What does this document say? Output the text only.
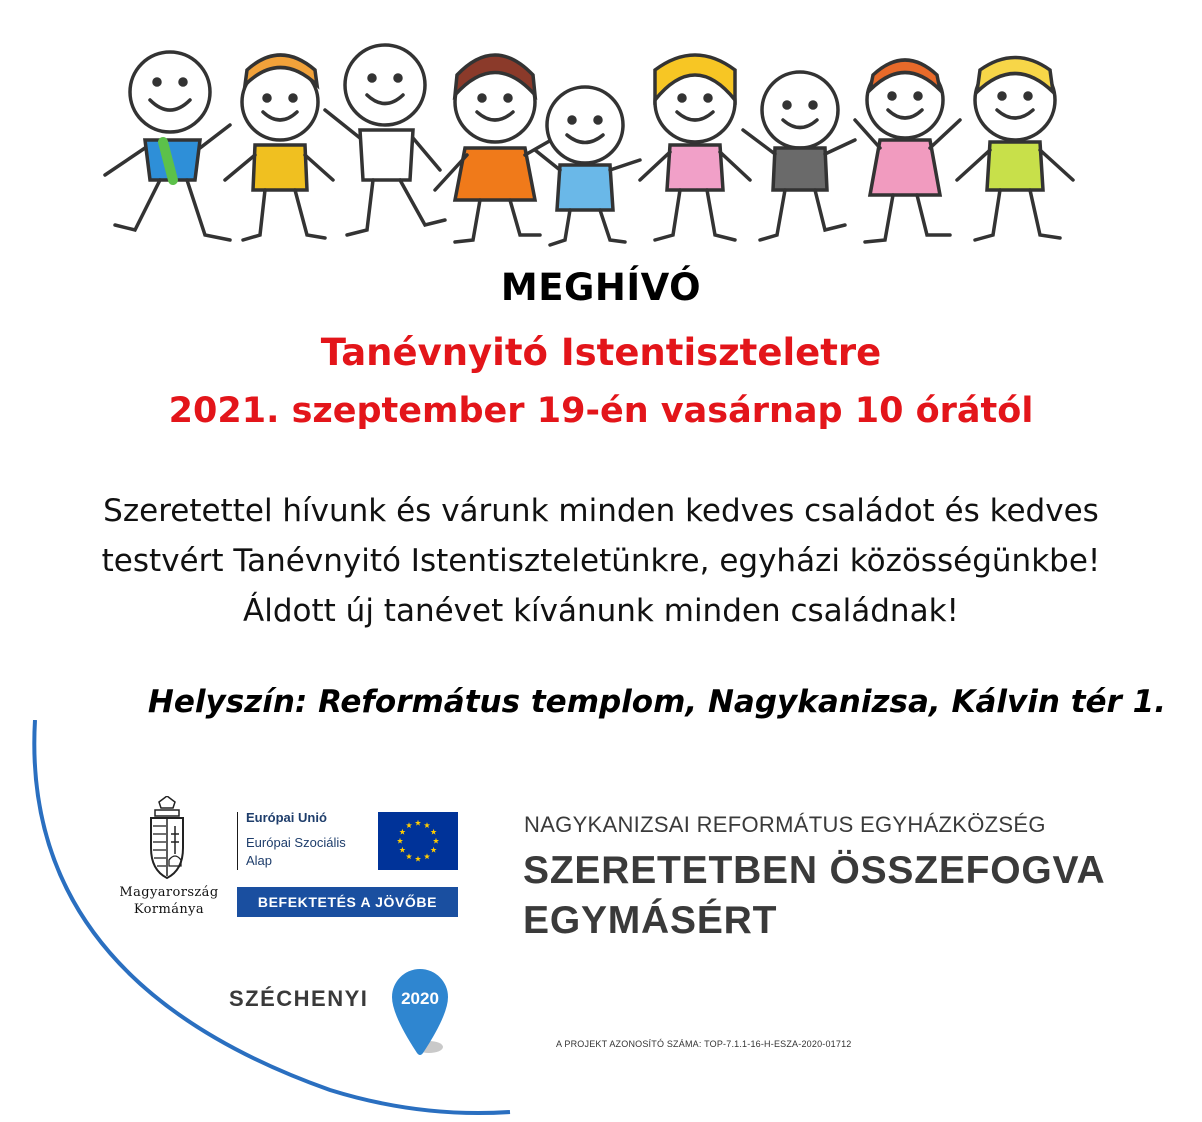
MEGHÍVÓ
Tanévnyitó Istentiszteletre
2021. szeptember 19-én vasárnap 10 órától
Szeretettel hívunk és várunk minden kedves családot és kedves
testvért Tanévnyitó Istentiszteletünkre, egyházi közösségünkbe!
Áldott új tanévet kívánunk minden családnak!
Helyszín: Református templom, Nagykanizsa, Kálvin tér 1.
Magyarország
Kormánya
Európai Unió
Európai Szociális
Alap
BEFEKTETÉS A JÖVŐBE
SZÉCHENYI 2020
NAGYKANIZSAI REFORMÁTUS EGYHÁZKÖZSÉG
SZERETETBEN ÖSSZEFOGVA
EGYMÁSÉRT
A PROJEKT AZONOSÍTÓ SZÁMA: TOP-7.1.1-16-H-ESZA-2020-01712
